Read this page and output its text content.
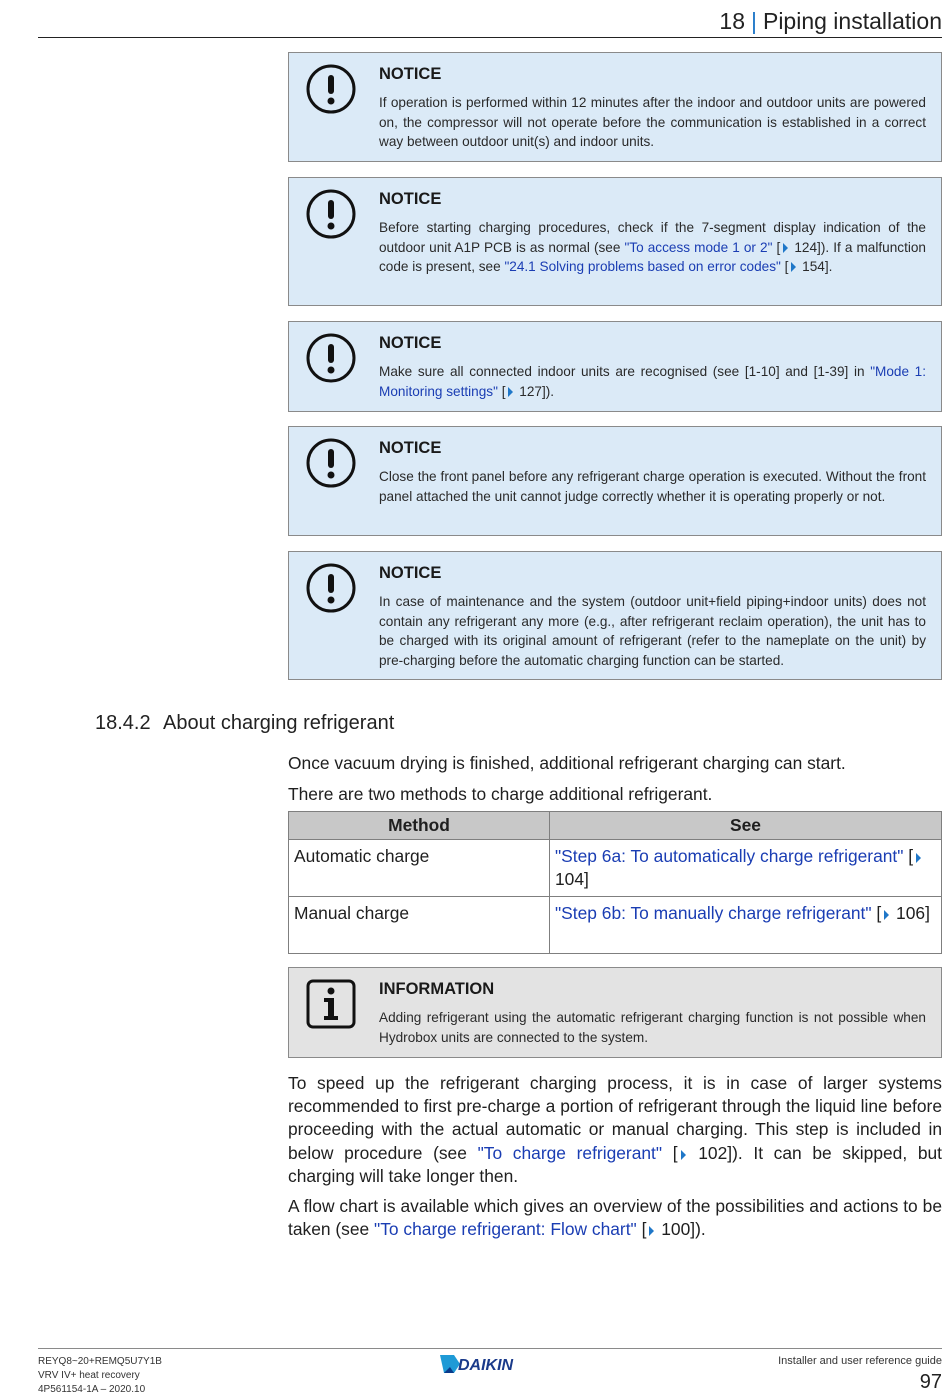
18 | Piping installation
NOTICE
If operation is performed within 12 minutes after the indoor and outdoor units are powered on, the compressor will not operate before the communication is established in a correct way between outdoor unit(s) and indoor units.
NOTICE
Before starting charging procedures, check if the 7-segment display indication of the outdoor unit A1P PCB is as normal (see "To access mode 1 or 2" [ 124]). If a malfunction code is present, see "24.1 Solving problems based on error codes" [ 154].
NOTICE
Make sure all connected indoor units are recognised (see [1-10] and [1-39] in "Mode 1: Monitoring settings" [ 127]).
NOTICE
Close the front panel before any refrigerant charge operation is executed. Without the front panel attached the unit cannot judge correctly whether it is operating properly or not.
NOTICE
In case of maintenance and the system (outdoor unit+field piping+indoor units) does not contain any refrigerant any more (e.g., after refrigerant reclaim operation), the unit has to be charged with its original amount of refrigerant (refer to the nameplate on the unit) by pre-charging before the automatic charging function can be started.
18.4.2 About charging refrigerant
Once vacuum drying is finished, additional refrigerant charging can start.
There are two methods to charge additional refrigerant.
Method	See
Automatic charge	"Step 6a: To automatically charge refrigerant" [ 104]
Manual charge	"Step 6b: To manually charge refrigerant" [ 106]
INFORMATION
Adding refrigerant using the automatic refrigerant charging function is not possible when Hydrobox units are connected to the system.
To speed up the refrigerant charging process, it is in case of larger systems recommended to first pre-charge a portion of refrigerant through the liquid line before proceeding with the actual automatic or manual charging. This step is included in below procedure (see "To charge refrigerant" [ 102]). It can be skipped, but charging will take longer then.
A flow chart is available which gives an overview of the possibilities and actions to be taken (see "To charge refrigerant: Flow chart" [ 100]).
REYQ8~20+REMQ5U7Y1B
VRV IV+ heat recovery
4P561154-1A – 2020.10
DAIKIN	Installer and user reference guide
97
